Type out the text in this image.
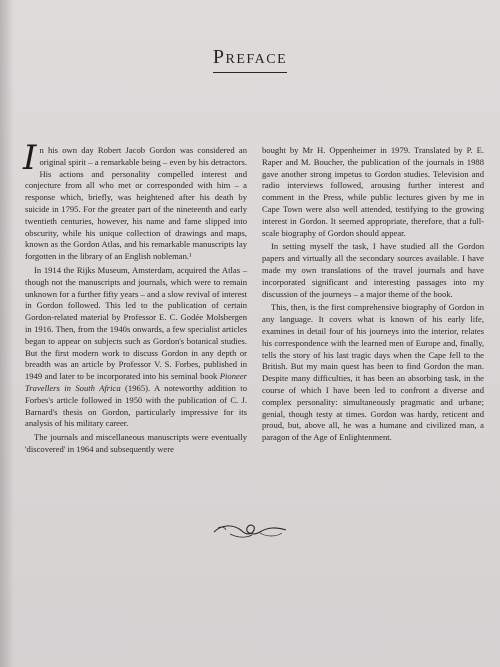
Preface

In his own day Robert Jacob Gordon was considered an original spirit – a remarkable being – even by his detractors. His actions and personality compelled interest and conjecture from all who met or corresponded with him – a response which, briefly, was heightened after his death by suicide in 1795. For the greater part of the nineteenth and early twentieth centuries, however, his name and fame slipped into obscurity, while his unique collection of drawings and maps, known as the Gordon Atlas, and his remarkable manuscripts lay forgotten in the library of an English nobleman.¹

In 1914 the Rijks Museum, Amsterdam, acquired the Atlas – though not the manuscripts and journals, which were to remain unknown for a further fifty years – and a slow revival of interest in Gordon followed. This led to the publication of certain Gordon-related material by Professor E. C. Godée Molsbergen in 1916. Then, from the 1940s onwards, a few specialist articles began to appear on subjects such as Gordon's botanical studies. But the first modern work to discuss Gordon in any depth or breadth was an article by Professor V. S. Forbes, published in 1949 and later to be incorporated into his seminal book Pioneer Travellers in South Africa (1965). A noteworthy addition to Forbes's article followed in 1950 with the publication of C. J. Barnard's thesis on Gordon, particularly impressive for its analysis of his military career.

The journals and miscellaneous manuscripts were eventually 'discovered' in 1964 and subsequently were

bought by Mr H. Oppenheimer in 1979. Translated by P. E. Raper and M. Boucher, the publication of the journals in 1988 gave another strong impetus to Gordon studies. Television and radio interviews followed, arousing further interest and comment in the Press, while public lectures given by me in Cape Town were also well attended, testifying to the growing interest in Gordon. It seemed appropriate, therefore, that a full-scale biography of Gordon should appear.

In setting myself the task, I have studied all the Gordon papers and virtually all the secondary sources available. I have made my own translations of the travel journals and have incorporated significant and interesting passages into my discussion of the journeys – a major theme of the book.

This, then, is the first comprehensive biography of Gordon in any language. It covers what is known of his early life, examines in detail four of his journeys into the interior, relates his correspondence with the learned men of Europe and, finally, tells the story of his last tragic days when the Cape fell to the British. But my main quest has been to find Gordon the man. Despite many difficulties, it has been an absorbing task, in the course of which I have been led to confront a diverse and complex personality: simultaneously pragmatic and urbane; genial, though testy at times. Gordon was hardy, reticent and proud, but, above all, he was a humane and civilized man, a paragon of the Age of Enlightenment.
